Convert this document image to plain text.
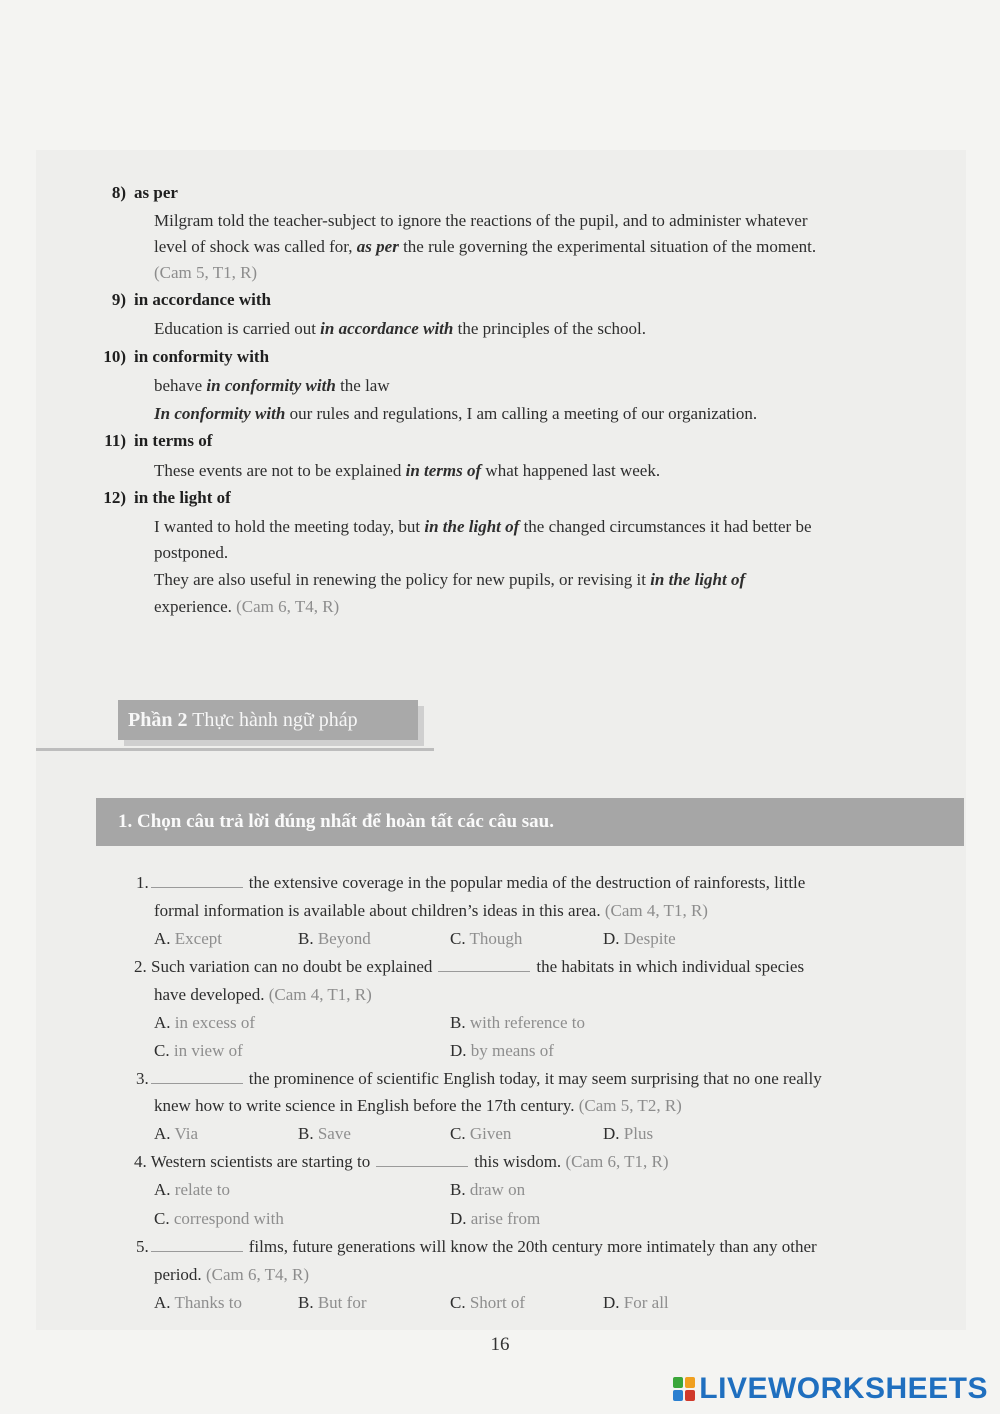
8) as per
Milgram told the teacher-subject to ignore the reactions of the pupil, and to administer whatever
level of shock was called for, as per the rule governing the experimental situation of the moment.
(Cam 5, T1, R)
9) in accordance with
Education is carried out in accordance with the principles of the school.
10) in conformity with
behave in conformity with the law
In conformity with our rules and regulations, I am calling a meeting of our organization.
11) in terms of
These events are not to be explained in terms of what happened last week.
12) in the light of
I wanted to hold the meeting today, but in the light of the changed circumstances it had better be
postponed.
They are also useful in renewing the policy for new pupils, or revising it in the light of
experience. (Cam 6, T4, R)
Phần 2 Thực hành ngữ pháp
1. Chọn câu trả lời đúng nhất để hoàn tất các câu sau.
1.	the extensive coverage in the popular media of the destruction of rainforests, little
formal information is available about children’s ideas in this area. (Cam 4, T1, R)
A. Except	B. Beyond	C. Though	D. Despite
2. Such variation can no doubt be explained	the habitats in which individual species
have developed. (Cam 4, T1, R)
A. in excess of	B. with reference to
C. in view of	D. by means of
3.	the prominence of scientific English today, it may seem surprising that no one really
knew how to write science in English before the 17th century. (Cam 5, T2, R)
A. Via	B. Save	C. Given	D. Plus
4. Western scientists are starting to	this wisdom. (Cam 6, T1, R)
A. relate to	B. draw on
C. correspond with	D. arise from
5.	films, future generations will know the 20th century more intimately than any other
period. (Cam 6, T4, R)
A. Thanks to	B. But for	C. Short of	D. For all
16
LIVEWORKSHEETS
